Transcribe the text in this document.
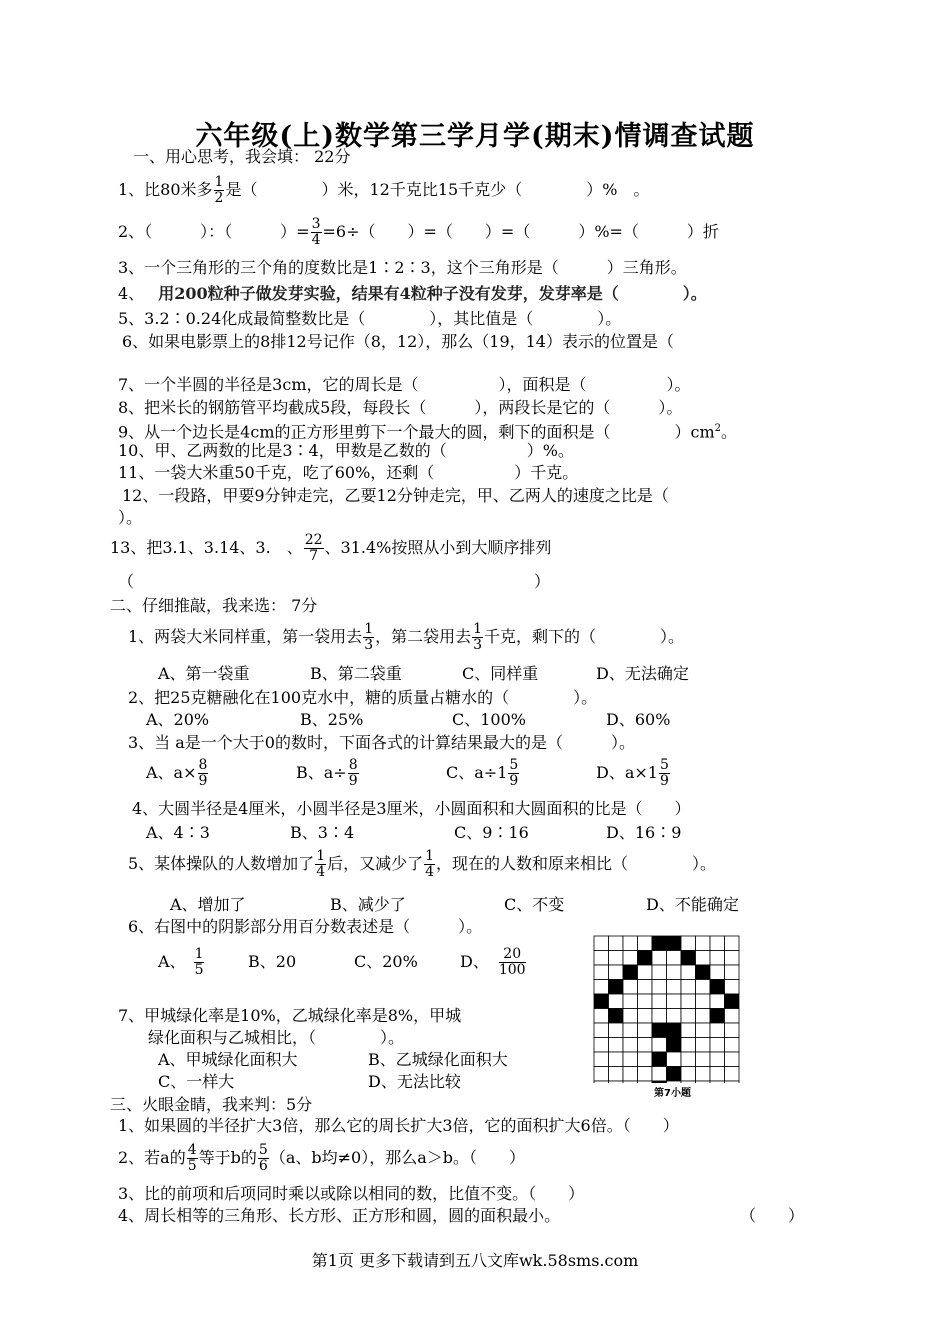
六年级(上)数学第三学月学(期末)情调查试题
一、用心思考，我会填： 22分
1、比80米多 $\frac{1}{2}$ 是（　　　　）米，12千克比15千克少（　　　　）%　。
2、（　　　）：（　　　）= $\frac{3}{4} =6\div$（　　）=（　　）=（　　　）%=（　　　）折
3、一个三角形的三个角的度数比是1∶2∶3，这个三角形是（　　　）三角形。
4、 用200粒种子做发芽实验，结果有4粒种子没有发芽，发芽率是（　　　　）。
5、3.2∶0.24化成最简整数比是（　　　　），其比值是（　　　　）。
6、如果电影票上的8排12号记作（8，12），那么（19，14）表示的位置是（
7、一个半圆的半径是3cm，它的周长是（　　　　　），面积是（　　　　　）。
8、把米长的钢筋管平均截成5段，每段长（　　　），两段长是它的（　　　）。
9、从一个边长是4cm的正方形里剪下一个最大的圆，剩下的面积是（　　　　）$cm^2$。
10、甲、乙两数的比是3∶4，甲数是乙数的（　　　　　）%。
11、一袋大米重50千克，吃了60%，还剩（　　　　　）千克。
12、一段路，甲要9分钟走完，乙要12分钟走完，甲、乙两人的速度之比是（
）。
13、把3.1、3.14、3.　、 $\frac{22}{7}$ 、31.4%按照从小到大顺序排列
（　　　　　　　　　　　　　　　　　　　　　　　　　）
二、仔细推敲，我来选： 7分
1、两袋大米同样重，第一袋用去 $\frac{1}{3}$ ，第二袋用去 $\frac{1}{3}$ 千克，剩下的（　　　　）。
A、第一袋重	B、第二袋重	C、同样重	D、无法确定
2、把25克糖融化在100克水中，糖的质量占糖水的（　　　　）。
A、20%	B、25%	C、100%	D、60%
3、当 a是一个大于0的数时，下面各式的计算结果最大的是（　　　）。
A、$a\times \frac{8}{9}$	B、$a\div \frac{8}{9}$	C、$a\div 1 \frac{5}{9}$	D、$a\times 1 \frac{5}{9}$
4、大圆半径是4厘米，小圆半径是3厘米，小圆面积和大圆面积的比是（　　）
A、4∶3	B、3∶4	C、9∶16	D、16∶9
5、某体操队的人数增加了 $\frac{1}{4}$ 后，又减少了 $\frac{1}{4}$ ，现在的人数和原来相比（　　　　）。
A、增加了	B、减少了	C、不变	D、不能确定
6、右图中的阴影部分用百分数表述是（　　　）。
A、 $\frac{1}{5}$	B、20	C、20%	D、 $\frac{20}{100}$
7、甲城绿化率是10%，乙城绿化率是8%，甲城
绿化面积与乙城相比，（　　　　）。
A、甲城绿化面积大	B、乙城绿化面积大
C、一样大	D、无法比较
第7小题
三、火眼金睛，我来判：5分
1、如果圆的半径扩大3倍，那么它的周长扩大3倍，它的面积扩大6倍。（　　）
2、若a的 $\frac{4}{5}$ 等于b的 $\frac{5}{6} (a$、b均≠0），那么a＞b。（　　）
3、比的前项和后项同时乘以或除以相同的数，比值不变。（　　）
4、周长相等的三角形、长方形、正方形和圆，圆的面积最小。	（　　）
第1页 更多下载请到五八文库wk.58sms.com
